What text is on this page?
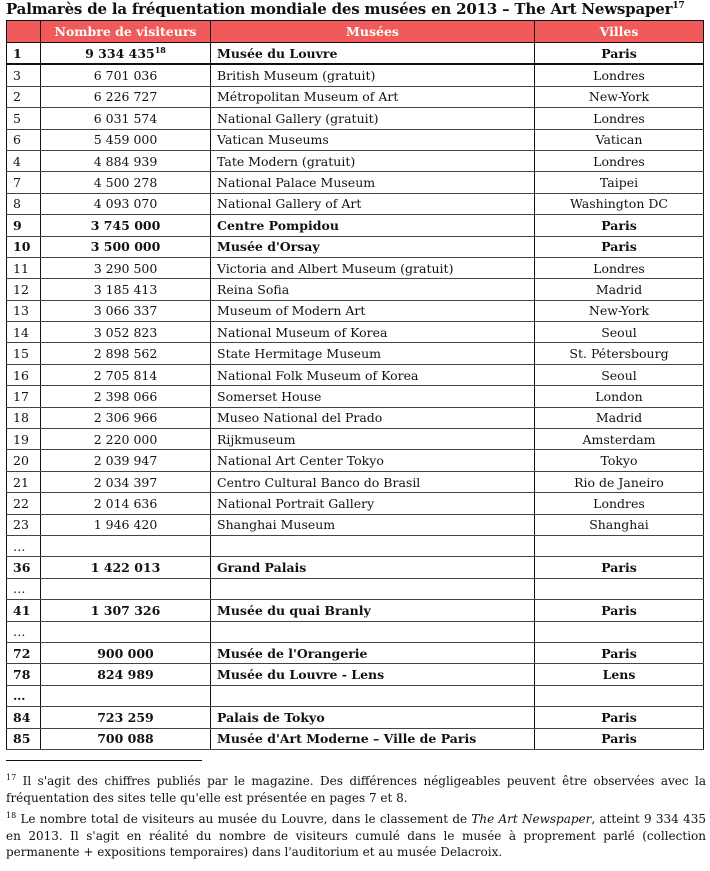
Palmarès de la fréquentation mondiale des musées en 2013 – The Art Newspaper$^{17}$
	Nombre de visiteurs	Musées	Villes
1	9 334 $435^{18}$	Musée du Louvre	Paris
3	6 701 036	British Museum (gratuit)	Londres
2	6 226 727	Métropolitan Museum of Art	New-York
5	6 031 574	National Gallery (gratuit)	Londres
6	5 459 000	Vatican Museums	Vatican
4	4 884 939	Tate Modern (gratuit)	Londres
7	4 500 278	National Palace Museum	Taipei
8	4 093 070	National Gallery of Art	Washington DC
9	3 745 000	Centre Pompidou	Paris
10	3 500 000	Musée d'Orsay	Paris
11	3 290 500	Victoria and Albert Museum (gratuit)	Londres
12	3 185 413	Reina Sofia	Madrid
13	3 066 337	Museum of Modern Art	New-York
14	3 052 823	National Museum of Korea	Seoul
15	2 898 562	State Hermitage Museum	St. Pétersbourg
16	2 705 814	National Folk Museum of Korea	Seoul
17	2 398 066	Somerset House	London
18	2 306 966	Museo National del Prado	Madrid
19	2 220 000	Rijkmuseum	Amsterdam
20	2 039 947	National Art Center Tokyo	Tokyo
21	2 034 397	Centro Cultural Banco do Brasil	Rio de Janeiro
22	2 014 636	National Portrait Gallery	Londres
23	1 946 420	Shanghai Museum	Shanghai
…			
36	1 422 013	Grand Palais	Paris
…			
41	1 307 326	Musée du quai Branly	Paris
…			
72	900 000	Musée de l'Orangerie	Paris
78	824 989	Musée du Louvre - Lens	Lens
…			
84	723 259	Palais de Tokyo	Paris
85	700 088	Musée d'Art Moderne – Ville de Paris	Paris

$^{17}$ Il s'agit des chiffres publiés par le magazine. Des différences négligeables peuvent être observées avec la fréquentation des sites telle qu'elle est présentée en pages 7 et 8.

$^{18}$ Le nombre total de visiteurs au musée du Louvre, dans le classement de The Art Newspaper, atteint 9 334 435 en 2013. Il s'agit en réalité du nombre de visiteurs cumulé dans le musée à proprement parlé (collection permanente + expositions temporaires) dans l'auditorium et au musée Delacroix.
